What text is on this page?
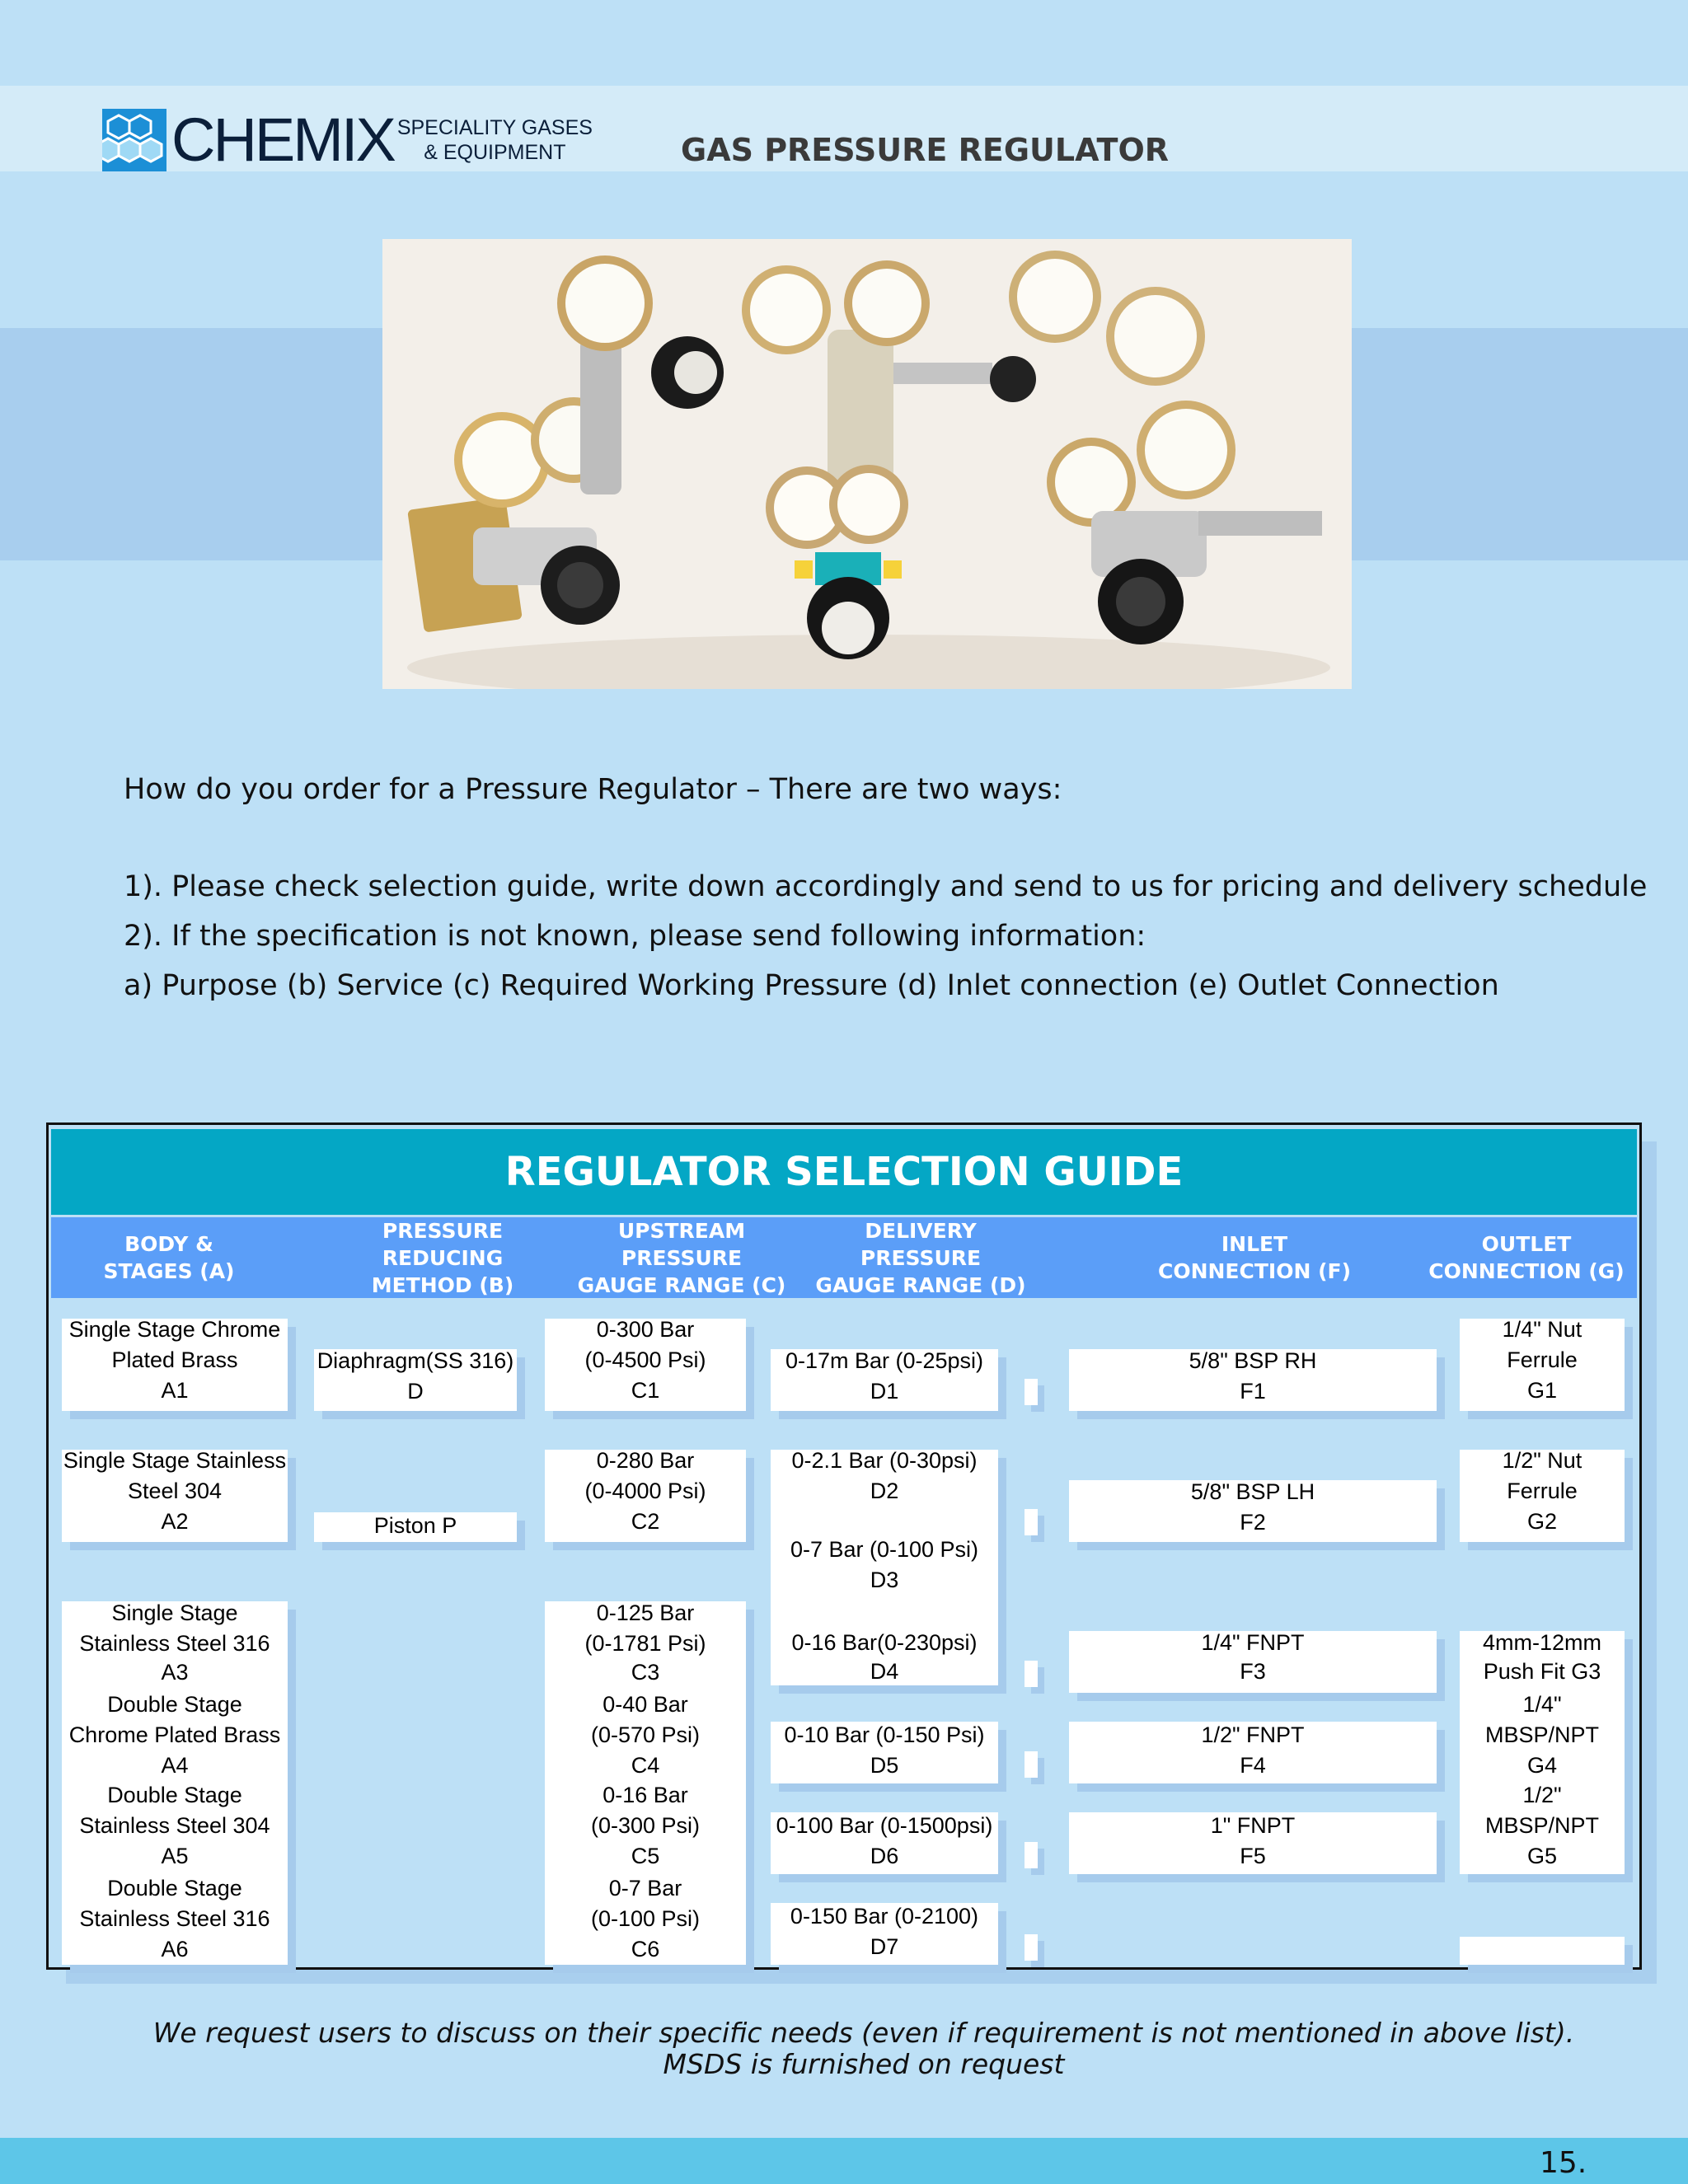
CHEMIX SPECIALITY GASES
& EQUIPMENT	GAS PRESSURE REGULATOR
How do you order for a Pressure Regulator – There are two ways:
1). Please check selection guide, write down accordingly and send to us for pricing and delivery schedule
2). If the specification is not known, please send following information:
a) Purpose (b) Service (c) Required Working Pressure (d) Inlet connection (e) Outlet Connection
REGULATOR SELECTION GUIDE
BODY &
STAGES (A)
PRESSURE REDUCING
METHOD (B)
UPSTREAM PRESSURE
GAUGE RANGE (C)
DELIVERY PRESSURE
GAUGE RANGE (D)
INLET
CONNECTION (F)
OUTLET
CONNECTION (G)
Single Stage Chrome
Plated Brass
A1
Single Stage Stainless
Steel 304
A2
Single Stage
Stainless Steel 316
A3
Double Stage
Chrome Plated Brass
A4
Double Stage
Stainless Steel 304
A5
Double Stage
Stainless Steel 316
A6
Diaphragm(SS 316)
D
Piston P
0-300 Bar
(0-4500 Psi)
C1
0-280 Bar
(0-4000 Psi)
C2
0-125 Bar
(0-1781 Psi)
C3
0-40 Bar
(0-570 Psi)
C4
0-16 Bar
(0-300 Psi)
C5
0-7 Bar
(0-100 Psi)
C6
0-17m Bar (0-25psi)
D1
0-2.1 Bar (0-30psi)
D2
0-7 Bar (0-100 Psi)
D3
0-16 Bar(0-230psi)
D4
0-10 Bar (0-150 Psi)
D5
0-100 Bar (0-1500psi)
D6
0-150 Bar (0-2100)
D7
5/8" BSP RH
F1
5/8" BSP LH
F2
1/4" FNPT
F3
1/2" FNPT
F4
1" FNPT
F5
1/4" Nut
Ferrule
G1
1/2" Nut
Ferrule
G2
4mm-12mm
Push Fit G3
1/4"
MBSP/NPT
G4
1/2"
MBSP/NPT
G5
We request users to discuss on their specific needs (even if requirement is not mentioned in above list).
MSDS is furnished on request
15.
